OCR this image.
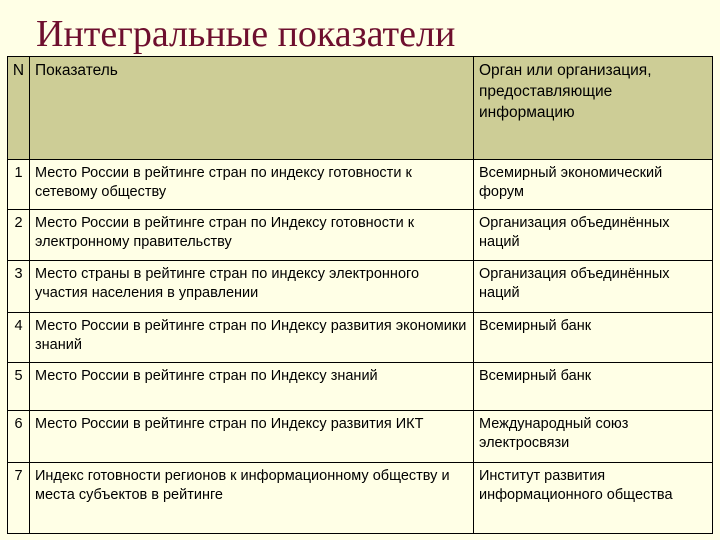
Интегральные показатели
N	Показатель	Орган или организация, предоставляющие информацию
1	Место России в рейтинге стран по индексу готовности к сетевому обществу	Всемирный экономический форум
2	Место России в рейтинге стран по Индексу готовности к электронному правительству	Организация объединённых наций
3	Место страны в рейтинге стран по индексу электронного участия населения в управлении	Организация объединённых наций
4	Место России в рейтинге стран по Индексу развития экономики знаний	Всемирный банк
5	Место России в рейтинге стран по Индексу знаний	Всемирный банк
6	Место России в рейтинге стран по Индексу развития ИКТ	Международный союз электросвязи
7	Индекс готовности регионов к информационному обществу и места субъектов в рейтинге	Институт развития информационного общества
